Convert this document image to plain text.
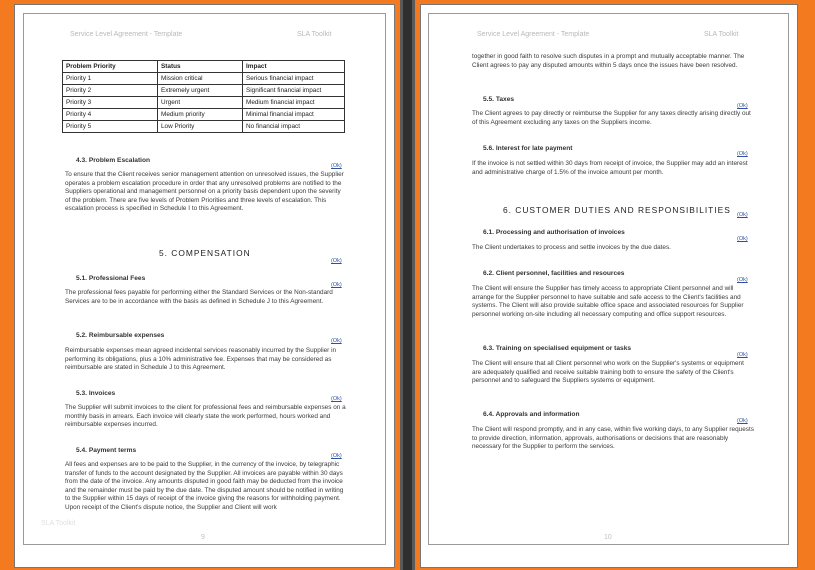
Service Level Agreement - Template	SLA Toolkit
Problem Priority	Status	Impact
Priority 1	Mission critical	Serious financial impact
Priority 2	Extremely urgent	Significant financial impact
Priority 3	Urgent	Medium financial impact
Priority 4	Medium priority	Minimal financial impact
Priority 5	Low Priority	No financial impact
4.3. Problem Escalation
(Ok)

To ensure that the Client receives senior management attention on unresolved issues, the Supplier operates a problem escalation procedure in order that any unresolved problems are notified to the Suppliers operational and management personnel on a priority basis dependent upon the severity of the problem. There are five levels of Problem Priorities and three levels of escalation. This escalation process is specified in Schedule I to this Agreement.

5. COMPENSATION
(Ok)
5.1. Professional Fees
(Ok)

The professional fees payable for performing either the Standard Services or the Non-standard Services are to be in accordance with the basis as defined in Schedule J to this Agreement.

5.2. Reimbursable expenses
(Ok)

Reimbursable expenses mean agreed incidental services reasonably incurred by the Supplier in performing its obligations, plus a 10% administrative fee. Expenses that may be considered as reimbursable are stated in Schedule J to this Agreement.

5.3. Invoices
(Ok)

The Supplier will submit invoices to the client for professional fees and reimbursable expenses on a monthly basis in arrears. Each invoice will clearly state the work performed, hours worked and reimbursable expenses incurred.

5.4. Payment terms
(Ok)

All fees and expenses are to be paid to the Supplier, in the currency of the invoice, by telegraphic transfer of funds to the account designated by the Supplier. All invoices are payable within 30 days from the date of the invoice. Any amounts disputed in good faith may be deducted from the invoice and the remainder must be paid by the due date. The disputed amount should be notified in writing to the Supplier within 15 days of receipt of the invoice giving the reasons for withholding payment. Upon receipt of the Client's dispute notice, the Supplier and Client will work

SLA Toolkit
9
Service Level Agreement - Template	SLA Toolkit

together in good faith to resolve such disputes in a prompt and mutually acceptable manner. The Client agrees to pay any disputed amounts within 5 days once the issues have been resolved.

5.5. Taxes
(Ok)

The Client agrees to pay directly or reimburse the Supplier for any taxes directly arising directly out of this Agreement excluding any taxes on the Suppliers income.

5.6. Interest for late payment
(Ok)

If the invoice is not settled within 30 days from receipt of invoice, the Supplier may add an interest and administrative charge of 1.5% of the invoice amount per month.

6. CUSTOMER DUTIES AND RESPONSIBILITIES (Ok)
6.1. Processing and authorisation of invoices
(Ok)

The Client undertakes to process and settle invoices by the due dates.

6.2. Client personnel, facilities and resources
(Ok)

The Client will ensure the Supplier has timely access to appropriate Client personnel and will arrange for the Supplier personnel to have suitable and safe access to the Client's facilities and systems. The Client will also provide suitable office space and associated resources for Supplier personnel working on-site including all necessary computing and office support resources.

6.3. Training on specialised equipment or tasks
(Ok)

The Client will ensure that all Client personnel who work on the Supplier's systems or equipment are adequately qualified and receive suitable training both to ensure the safety of the Client's personnel and to safeguard the Suppliers systems or equipment.

6.4. Approvals and information
(Ok)

The Client will respond promptly, and in any case, within five working days, to any Supplier requests to provide direction, information, approvals, authorisations or decisions that are reasonably necessary for the Supplier to perform the services.

10
